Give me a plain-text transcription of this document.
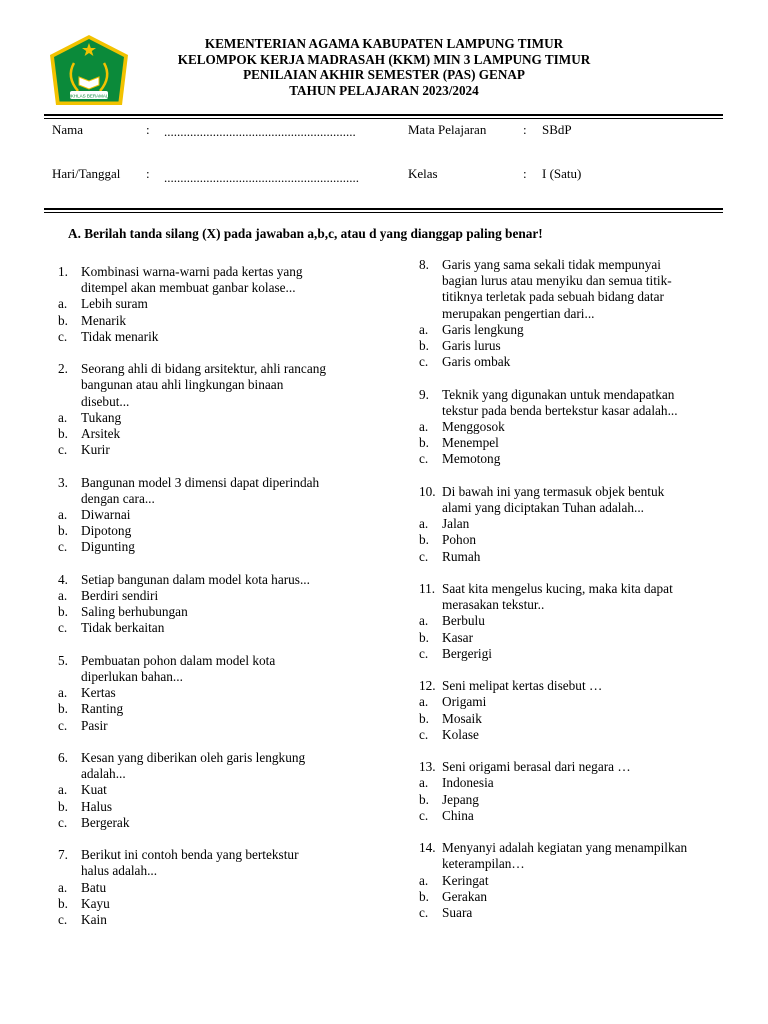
IKHLAS BERAMAL
KEMENTERIAN AGAMA KABUPATEN LAMPUNG TIMUR
KELOMPOK KERJA MADRASAH (KKM) MIN 3 LAMPUNG TIMUR
PENILAIAN AKHIR SEMESTER (PAS) GENAP
TAHUN PELAJARAN 2023/2024
Nama	: ...........................................................	Mata Pelajaran	: SBdP
Hari/Tanggal : ............................................................	Kelas	: I (Satu)
A. Berilah tanda silang (X) pada jawaban a,b,c, atau d yang dianggap paling benar!
1. Kombinasi warna-warni pada kertas yang
ditempel akan membuat ganbar kolase...
a. Lebih suram
b. Menarik
c. Tidak menarik
2. Seorang ahli di bidang arsitektur, ahli rancang
bangunan atau ahli lingkungan binaan
disebut...
a. Tukang
b. Arsitek
c. Kurir
3. Bangunan model 3 dimensi dapat diperindah
dengan cara...
a. Diwarnai
b. Dipotong
c. Digunting
4. Setiap bangunan dalam model kota harus...
a. Berdiri sendiri
b. Saling berhubungan
c. Tidak berkaitan
5. Pembuatan pohon dalam model kota
diperlukan bahan...
a. Kertas
b. Ranting
c. Pasir
6. Kesan yang diberikan oleh garis lengkung
adalah...
a. Kuat
b. Halus
c. Bergerak
7. Berikut ini contoh benda yang bertekstur
halus adalah...
a. Batu
b. Kayu
c. Kain
8. Garis yang sama sekali tidak mempunyai
bagian lurus atau menyiku dan semua titik-
titiknya terletak pada sebuah bidang datar
merupakan pengertian dari...
a. Garis lengkung
b. Garis lurus
c. Garis ombak
9. Teknik yang digunakan untuk mendapatkan
tekstur pada benda bertekstur kasar adalah...
a. Menggosok
b. Menempel
c. Memotong
10. Di bawah ini yang termasuk objek bentuk
alami yang diciptakan Tuhan adalah...
a. Jalan
b. Pohon
c. Rumah
11. Saat kita mengelus kucing, maka kita dapat
merasakan tekstur..
a. Berbulu
b. Kasar
c. Bergerigi
12. Seni melipat kertas disebut …
a. Origami
b. Mosaik
c. Kolase
13. Seni origami berasal dari negara …
a. Indonesia
b. Jepang
c. China
14. Menyanyi adalah kegiatan yang menampilkan
keterampilan…
a. Keringat
b. Gerakan
c. Suara
